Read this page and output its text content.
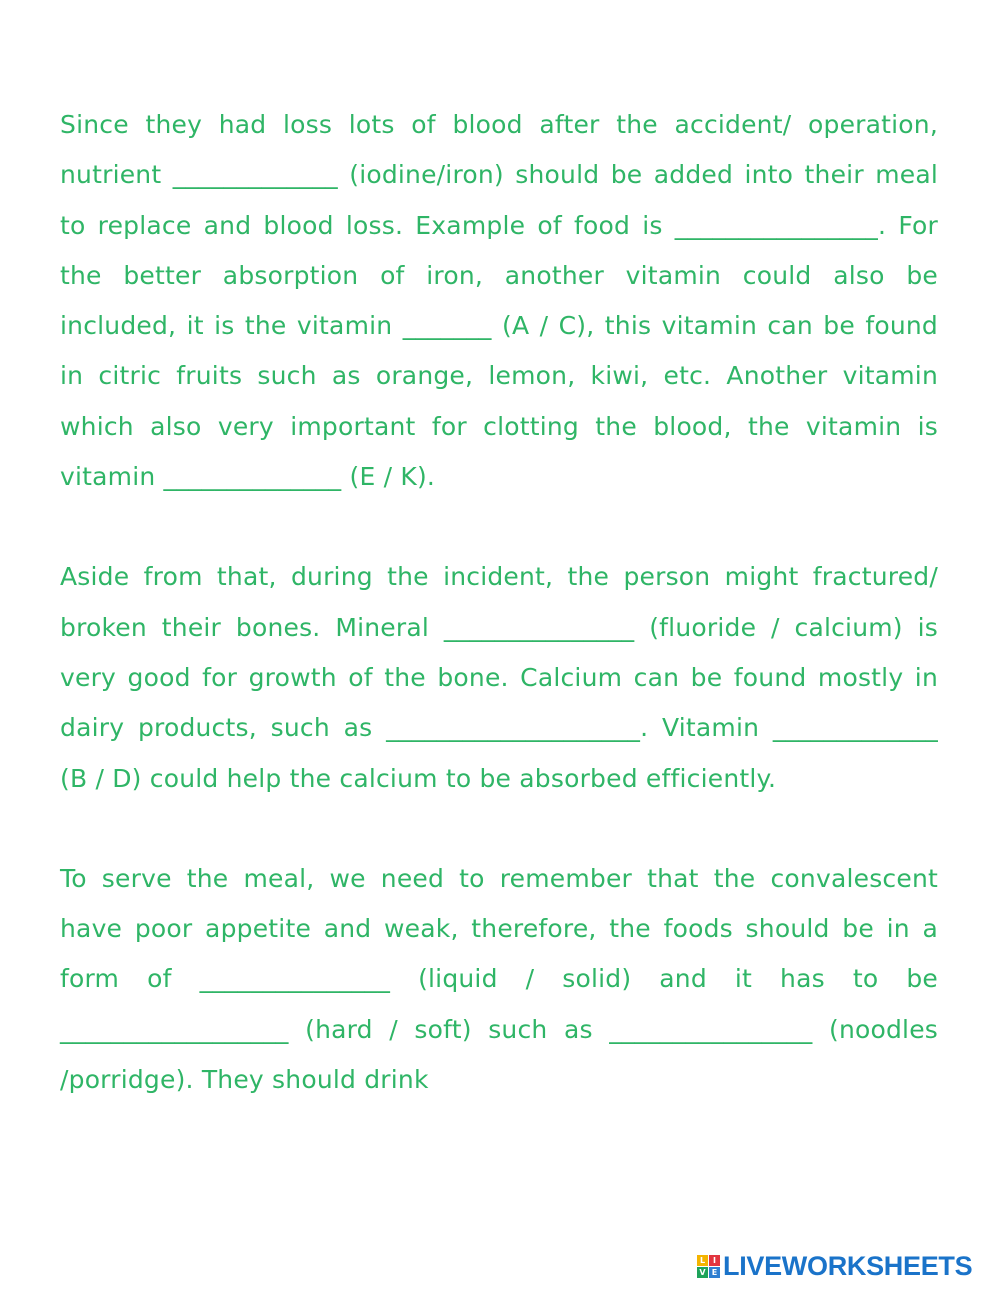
Since they had loss lots of blood after the accident/ operation, nutrient _____________ (iodine/iron) should be added into their meal to replace and blood loss. Example of food is ________________. For the better absorption of iron, another vitamin could also be included, it is the vitamin _______ (A / C), this vitamin can be found in citric fruits such as orange, lemon, kiwi, etc. Another vitamin which also very important for clotting the blood, the vitamin is vitamin ______________ (E / K).

Aside from that, during the incident, the person might fractured/ broken their bones. Mineral _______________ (fluoride / calcium) is very good for growth of the bone. Calcium can be found mostly in dairy products, such as ____________________. Vitamin _____________ (B / D) could help the calcium to be absorbed efficiently.

To serve the meal, we need to remember that the convalescent have poor appetite and weak, therefore, the foods should be in a form of _______________ (liquid / solid) and it has to be __________________ (hard / soft) such as ________________ (noodles /porridge). They should drink

L I
V E LIVEWORKSHEETS
